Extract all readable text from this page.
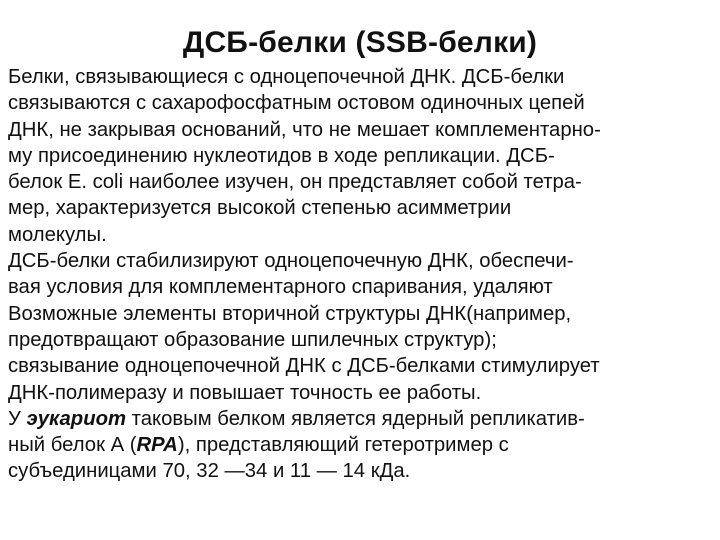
ДСБ-белки (SSB-белки)
Белки, связывающиеся с одноцепочечной ДНК. ДСБ-белки
связываются с сахарофосфатным остовом одиночных цепей
ДНК, не закрывая оснований, что не мешает комплементарно-
му присоединению нуклеотидов в ходе репликации. ДСБ-
белок E. coli наиболее изучен, он представляет собой тетра-
мер, характеризуется высокой степенью асимметрии
молекулы.
ДСБ-белки стабилизируют одноцепочечную ДНК, обеспечи-
вая условия для комплементарного спаривания, удаляют
Возможные элементы вторичной структуры ДНК(например,
предотвращают образование шпилечных структур);
связывание одноцепочечной ДНК с ДСБ-белками стимулирует
ДНК-полимеразу и повышает точность ее работы.
У эукариот таковым белком является ядерный репликатив-
ный белок А (RPA), представляющий гетеротример с
субъединицами 70, 32 —34 и 11 — 14 кДа.
